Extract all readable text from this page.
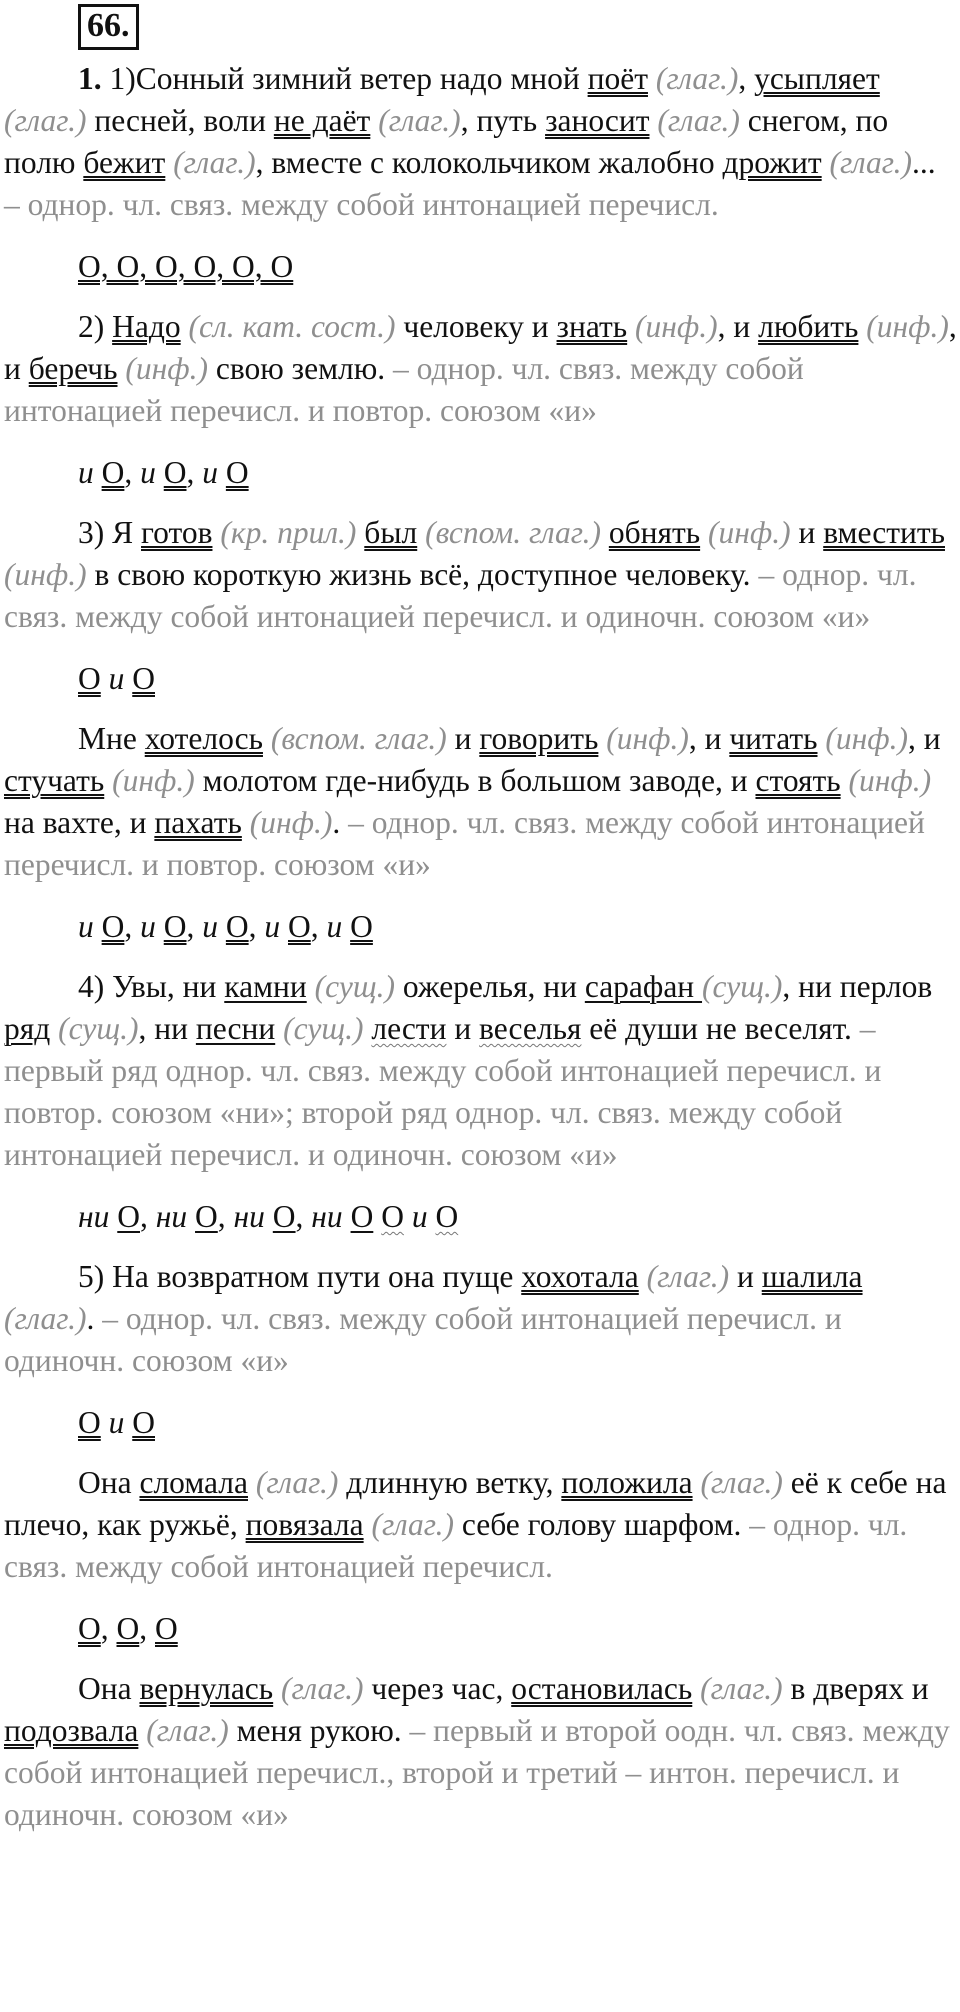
66.

1. 1)Сонный зимний ветер надо мной поёт (глаг.), усыпляет (глаг.) песней, воли не даёт (глаг.), путь заносит (глаг.) снегом, по полю бежит (глаг.), вместе с колокольчиком жалобно дрожит (глаг.)... – однор. чл. связ. между собой интонацией перечисл.

О, О, О, О, О, О

2) Надо (сл. кат. сост.) человеку и знать (инф.), и любить (инф.), и беречь (инф.) свою землю. – однор. чл. связ. между собой интонацией перечисл. и повтор. союзом «и»

и О, и О, и О

3) Я готов (кр. прил.) был (вспом. глаг.) обнять (инф.) и вместить (инф.) в свою короткую жизнь всё, доступное человеку. – однор. чл. связ. между собой интонацией перечисл. и одиночн. союзом «и»

О и О

Мне хотелось (вспом. глаг.) и говорить (инф.), и читать (инф.), и стучать (инф.) молотом где-нибудь в большом заводе, и стоять (инф.) на вахте, и пахать (инф.). – однор. чл. связ. между собой интонацией перечисл. и повтор. союзом «и»

и О, и О, и О, и О, и О

4) Увы, ни камни (сущ.) ожерелья, ни сарафан (сущ.), ни перлов ряд (сущ.), ни песни (сущ.) лести и веселья её души не веселят. – первый ряд однор. чл. связ. между собой интонацией перечисл. и повтор. союзом «ни»; второй ряд однор. чл. связ. между собой интонацией перечисл. и одиночн. союзом «и»

ни О, ни О, ни О, ни О О и О

5) На возвратном пути она пуще хохотала (глаг.) и шалила (глаг.). – однор. чл. связ. между собой интонацией перечисл. и одиночн. союзом «и»

О и О

Она сломала (глаг.) длинную ветку, положила (глаг.) её к себе на плечо, как ружьё, повязала (глаг.) себе голову шарфом. – однор. чл. связ. между собой интонацией перечисл.

О, О, О

Она вернулась (глаг.) через час, остановилась (глаг.) в дверях и подозвала (глаг.) меня рукою. – первый и второй оодн. чл. связ. между собой интонацией перечисл., второй и третий – интон. перечисл. и одиночн. союзом «и»
